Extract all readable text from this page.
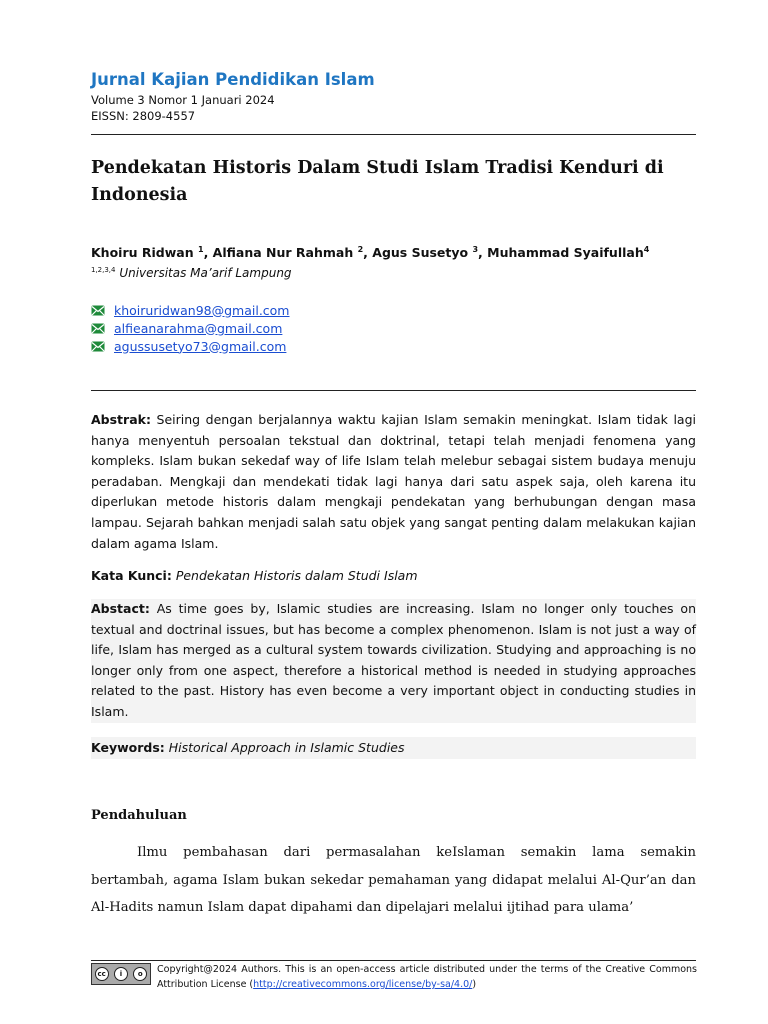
Jurnal Kajian Pendidikan Islam
Volume 3 Nomor 1 Januari 2024
EISSN: 2809-4557
Pendekatan Historis Dalam Studi Islam Tradisi Kenduri di Indonesia
Khoiru Ridwan $^1$, Alfiana Nur Rahmah $^2$, Agus Susetyo $^3$, Muhammad Syaifullah$^4$
$^{1,2,3,4}$ Universitas Ma’arif Lampung
khoiruridwan98@gmail.com
alfieanarahma@gmail.com
agussusetyo73@gmail.com
Abstrak: Seiring dengan berjalannya waktu kajian Islam semakin meningkat. Islam tidak lagi hanya menyentuh persoalan tekstual dan doktrinal, tetapi telah menjadi fenomena yang kompleks. Islam bukan sekedaf way of life Islam telah melebur sebagai sistem budaya menuju peradaban. Mengkaji dan mendekati tidak lagi hanya dari satu aspek saja, oleh karena itu diperlukan metode historis dalam mengkaji pendekatan yang berhubungan dengan masa lampau. Sejarah bahkan menjadi salah satu objek yang sangat penting dalam melakukan kajian dalam agama Islam.
Kata Kunci: Pendekatan Historis dalam Studi Islam
Abstact: As time goes by, Islamic studies are increasing. Islam no longer only touches on textual and doctrinal issues, but has become a complex phenomenon. Islam is not just a way of life, Islam has merged as a cultural system towards civilization. Studying and approaching is no longer only from one aspect, therefore a historical method is needed in studying approaches related to the past. History has even become a very important object in conducting studies in Islam.
Keywords: Historical Approach in Islamic Studies
Pendahuluan
Ilmu pembahasan dari permasalahan keIslaman semakin lama semakin bertambah, agama Islam bukan sekedar pemahaman yang didapat melalui Al-Qur’an dan Al-Hadits namun Islam dapat dipahami dan dipelajari melalui ijtihad para ulama’
cc	i	o	Copyright@2024 Authors. This is an open-access article distributed under the terms of the Creative Commons Attribution License (http://creativecommons.org/license/by-sa/4.0/)
